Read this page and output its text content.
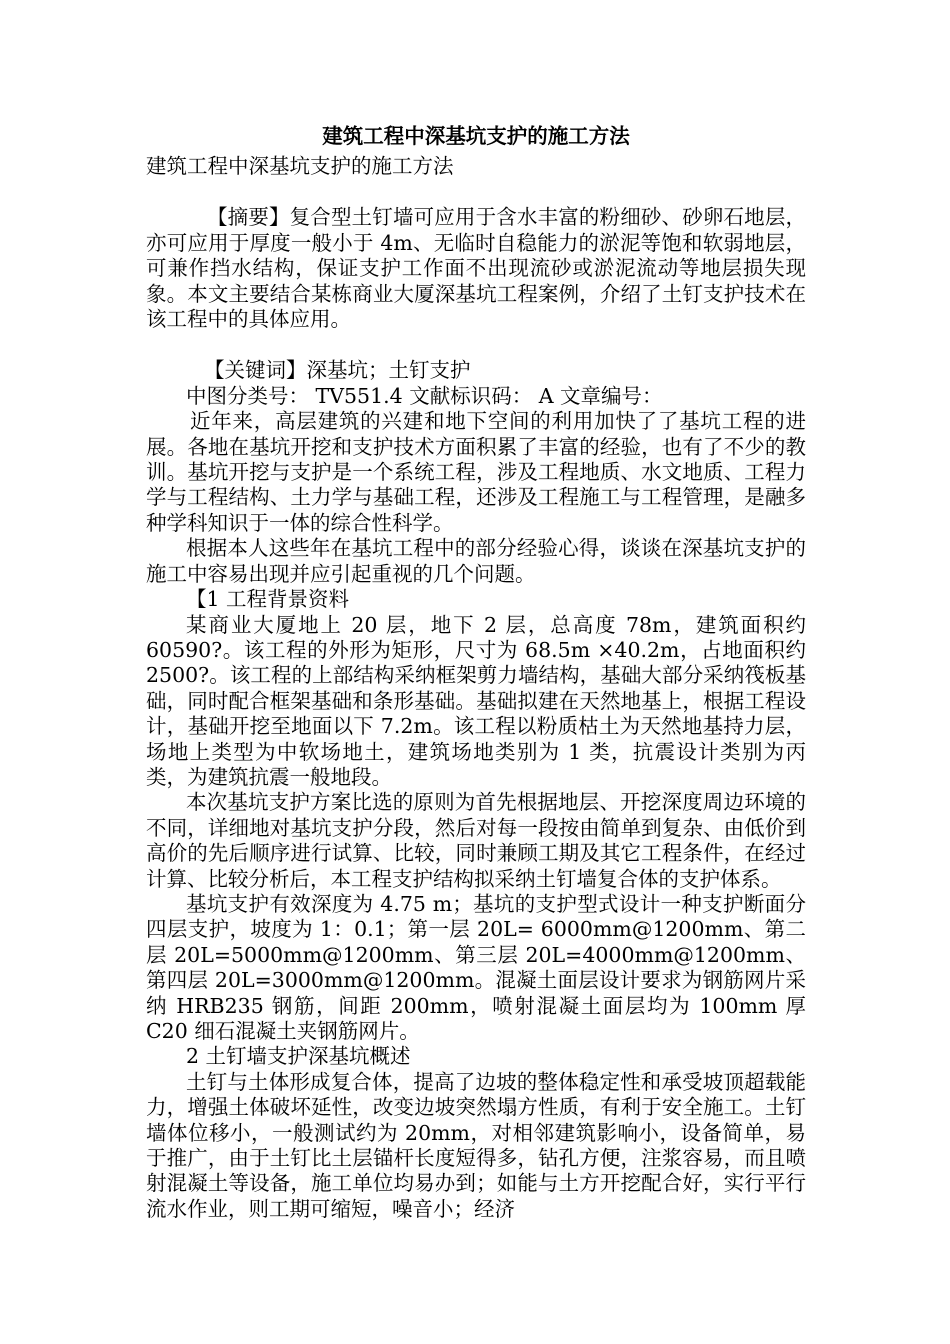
建筑工程中深基坑支护的施工方法

建筑工程中深基坑支护的施工方法

【摘要】复合型土钉墙可应用于含水丰富的粉细砂、砂卵石地层，亦可应用于厚度一般小于 4m、无临时自稳能力的淤泥等饱和软弱地层，可兼作挡水结构，保证支护工作面不出现流砂或淤泥流动等地层损失现象。本文主要结合某栋商业大厦深基坑工程案例，介绍了土钉支护技术在该工程中的具体应用。

【关键词】深基坑；土钉支护

中图分类号： TV551.4 文献标识码： A 文章编号：

近年来，高层建筑的兴建和地下空间的利用加快了了基坑工程的进展。各地在基坑开挖和支护技术方面积累了丰富的经验，也有了不少的教训。基坑开挖与支护是一个系统工程，涉及工程地质、水文地质、工程力学与工程结构、土力学与基础工程，还涉及工程施工与工程管理，是融多种学科知识于一体的综合性科学。

根据本人这些年在基坑工程中的部分经验心得，谈谈在深基坑支护的施工中容易出现并应引起重视的几个问题。

【1 工程背景资料

某商业大厦地上 20 层，地下 2 层，总高度 78m，建筑面积约 60590?。该工程的外形为矩形，尺寸为 68.5m ×40.2m，占地面积约 2500?。该工程的上部结构采纳框架剪力墙结构，基础大部分采纳筏板基础，同时配合框架基础和条形基础。基础拟建在天然地基上，根据工程设计，基础开挖至地面以下 7.2m。该工程以粉质枯土为天然地基持力层，场地上类型为中软场地土，建筑场地类别为 1 类，抗震设计类别为丙类，为建筑抗震一般地段。

本次基坑支护方案比选的原则为首先根据地层、开挖深度周边环境的不同，详细地对基坑支护分段，然后对每一段按由简单到复杂、由低价到高价的先后顺序进行试算、比较，同时兼顾工期及其它工程条件，在经过计算、比较分析后，本工程支护结构拟采纳土钉墙复合体的支护体系。

基坑支护有效深度为 4.75 m；基坑的支护型式设计一种支护断面分四层支护，坡度为 1：0.1；第一层 20L= 6000mm@1200mm、第二层 20L=5000mm@1200mm、第三层 20L=4000mm@1200mm、第四层 20L=3000mm@1200mm。混凝土面层设计要求为钢筋网片采纳 HRB235 钢筋，间距 200mm，喷射混凝土面层均为 100mm 厚 C20 细石混凝土夹钢筋网片。

2 土钉墙支护深基坑概述

土钉与土体形成复合体，提高了边坡的整体稳定性和承受坡顶超载能力，增强土体破坏延性，改变边坡突然塌方性质，有利于安全施工。土钉墙体位移小，一般测试约为 20mm，对相邻建筑影响小，设备简单，易于推广，由于土钉比土层锚杆长度短得多，钻孔方便，注浆容易，而且喷射混凝土等设备，施工单位均易办到；如能与土方开挖配合好，实行平行流水作业，则工期可缩短，噪音小；经济
